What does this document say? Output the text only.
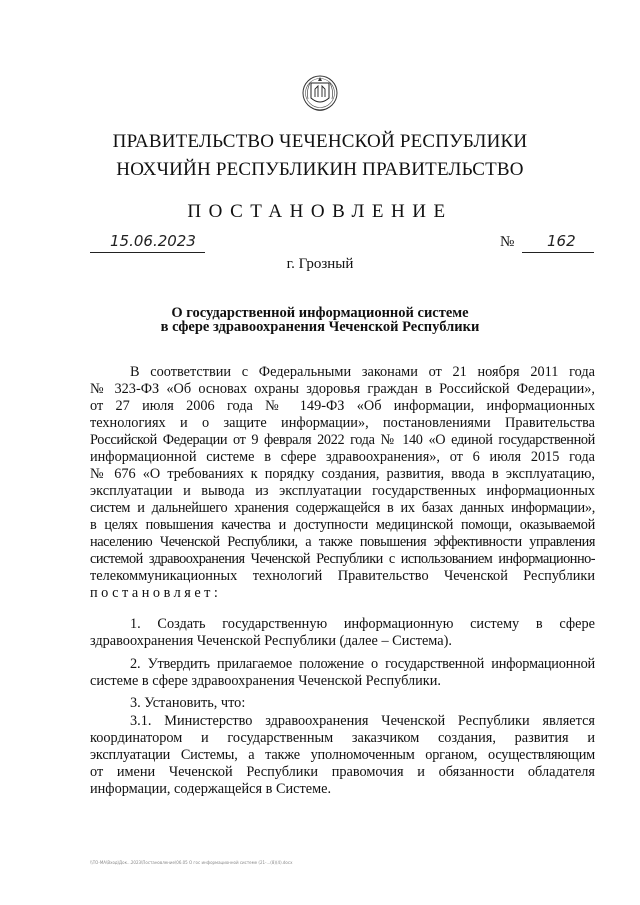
ПРАВИТЕЛЬСТВО ЧЕЧЕНСКОЙ РЕСПУБЛИКИ
НОХЧИЙН РЕСПУБЛИКИН ПРАВИТЕЛЬСТВО
ПОСТАНОВЛЕНИЕ
15.06.2023	№ 162
г. Грозный
О государственной информационной системе
в сфере здравоохранения Чеченской Республики
В соответствии с Федеральными законами от 21 ноября 2011 года
№ 323-ФЗ «Об основах охраны здоровья граждан в Российской Федерации»,
от 27 июля 2006 года № 149-ФЗ «Об информации, информационных
технологиях и о защите информации», постановлениями Правительства
Российской Федерации от 9 февраля 2022 года № 140 «О единой государственной
информационной системе в сфере здравоохранения», от 6 июля 2015 года
№ 676 «О требованиях к порядку создания, развития, ввода в эксплуатацию,
эксплуатации и вывода из эксплуатации государственных информационных
систем и дальнейшего хранения содержащейся в их базах данных информации»,
в целях повышения качества и доступности медицинской помощи, оказываемой
населению Чеченской Республики, а также повышения эффективности управления
системой здравоохранения Чеченской Республики с использованием информационно-
телекоммуникационных технологий Правительство Чеченской Республики
постановляет:
1. Создать государственную информационную систему в сфере
здравоохранения Чеченской Республики (далее – Система).
2. Утвердить прилагаемое положение о государственной информационной
системе в сфере здравоохранения Чеченской Республики.
3. Установить, что:
3.1. Министерство здравоохранения Чеченской Республики является
координатором и государственным заказчиком создания, развития и
эксплуатации Системы, а также уполномоченным органом, осуществляющим
от имени Чеченской Республики правомочия и обязанности обладателя
информации, содержащейся в Системе.
\\TO-MA\Вход\Док...2023\Постановление\06.05 О гос информационной системе (21-...(8)(4).docx
